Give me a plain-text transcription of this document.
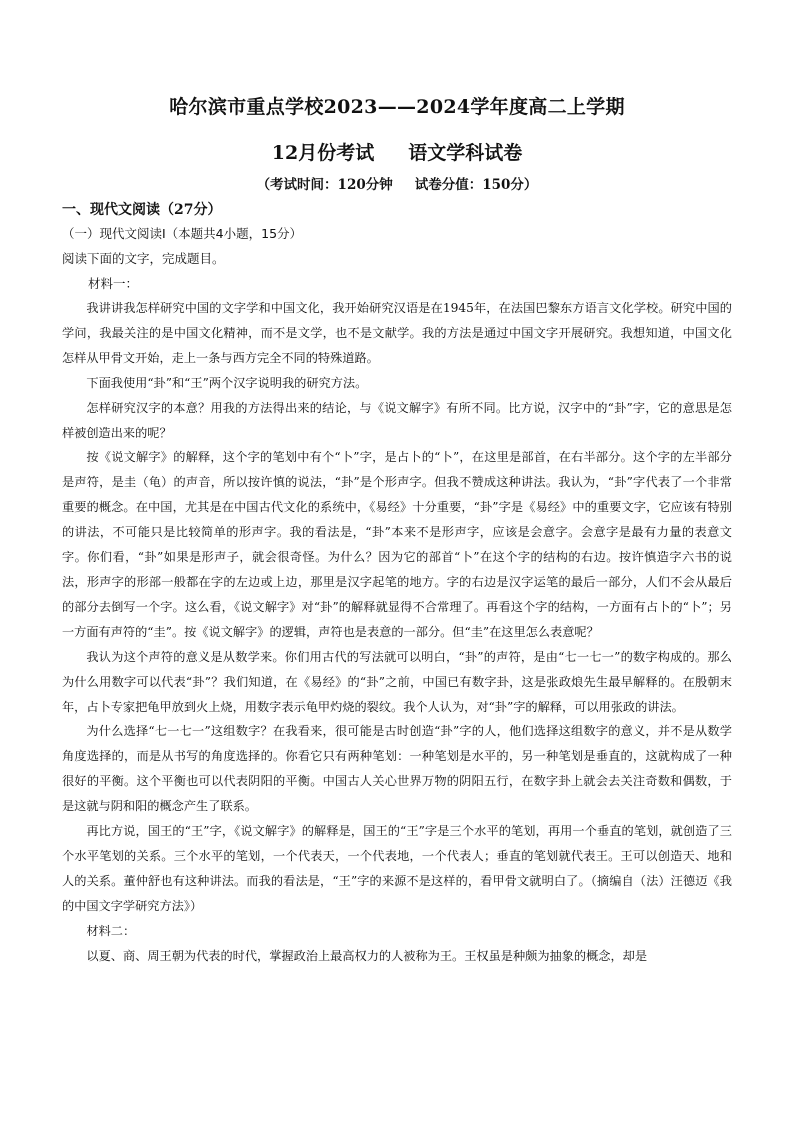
哈尔滨市重点学校2023——2024学年度高二上学期
12月份考试 语文学科试卷
（考试时间：120分钟 试卷分值：150分）
一、现代文阅读（27分）
（一）现代文阅读Ⅰ（本题共4小题，15分）
阅读下面的文字，完成题目。
材料一：

我讲讲我怎样研究中国的文字学和中国文化，我开始研究汉语是在1945年，在法国巴黎东方语言文化学校。研究中国的学问，我最关注的是中国文化精神，而不是文学，也不是文献学。我的方法是通过中国文字开展研究。我想知道，中国文化怎样从甲骨文开始，走上一条与西方完全不同的特殊道路。

下面我使用“卦”和“王”两个汉字说明我的研究方法。

怎样研究汉字的本意？用我的方法得出来的结论，与《说文解字》有所不同。比方说，汉字中的“卦”字，它的意思是怎样被创造出来的呢？

按《说文解字》的解释，这个字的笔划中有个“卜”字，是占卜的“卜”，在这里是部首，在右半部分。这个字的左半部分是声符，是圭（龟）的声音，所以按许慎的说法，“卦”是个形声字。但我不赞成这种讲法。我认为，“卦”字代表了一个非常重要的概念。在中国，尤其是在中国古代文化的系统中，《易经》十分重要，“卦”字是《易经》中的重要文字，它应该有特别的讲法，不可能只是比较简单的形声字。我的看法是，“卦”本来不是形声字，应该是会意字。会意字是最有力量的表意文字。你们看，“卦”如果是形声子，就会很奇怪。为什么？因为它的部首“卜”在这个字的结构的右边。按许慎造字六书的说法，形声字的形部一般都在字的左边或上边，那里是汉字起笔的地方。字的右边是汉字运笔的最后一部分，人们不会从最后的部分去倒写一个字。这么看，《说文解字》对“卦”的解释就显得不合常理了。再看这个字的结构，一方面有占卜的“卜”；另一方面有声符的“圭”。按《说文解字》的逻辑，声符也是表意的一部分。但“圭”在这里怎么表意呢？

我认为这个声符的意义是从数学来。你们用古代的写法就可以明白，“卦”的声符，是由“七一七一”的数字构成的。那么为什么用数字可以代表“卦”？我们知道，在《易经》的“卦”之前，中国已有数字卦，这是张政烺先生最早解释的。在殷朝末年，占卜专家把龟甲放到火上烧，用数字表示龟甲灼烧的裂纹。我个人认为，对“卦”字的解释，可以用张政的讲法。

为什么选择“七一七一”这组数字？在我看来，很可能是古时创造“卦”字的人，他们选择这组数字的意义，并不是从数学角度选择的，而是从书写的角度选择的。你看它只有两种笔划：一种笔划是水平的，另一种笔划是垂直的，这就构成了一种很好的平衡。这个平衡也可以代表阴阳的平衡。中国古人关心世界万物的阴阳五行，在数字卦上就会去关注奇数和偶数，于是这就与阴和阳的概念产生了联系。

再比方说，国王的“王”字，《说文解字》的解释是，国王的“王”字是三个水平的笔划，再用一个垂直的笔划，就创造了三个水平笔划的关系。三个水平的笔划，一个代表天，一个代表地，一个代表人；垂直的笔划就代表王。王可以创造天、地和人的关系。董仲舒也有这种讲法。而我的看法是，“王”字的来源不是这样的，看甲骨文就明白了。（摘编自（法）汪德迈《我的中国文字学研究方法》）

材料二：

以夏、商、周王朝为代表的时代，掌握政治上最高权力的人被称为王。王权虽是种颇为抽象的概念，却是
